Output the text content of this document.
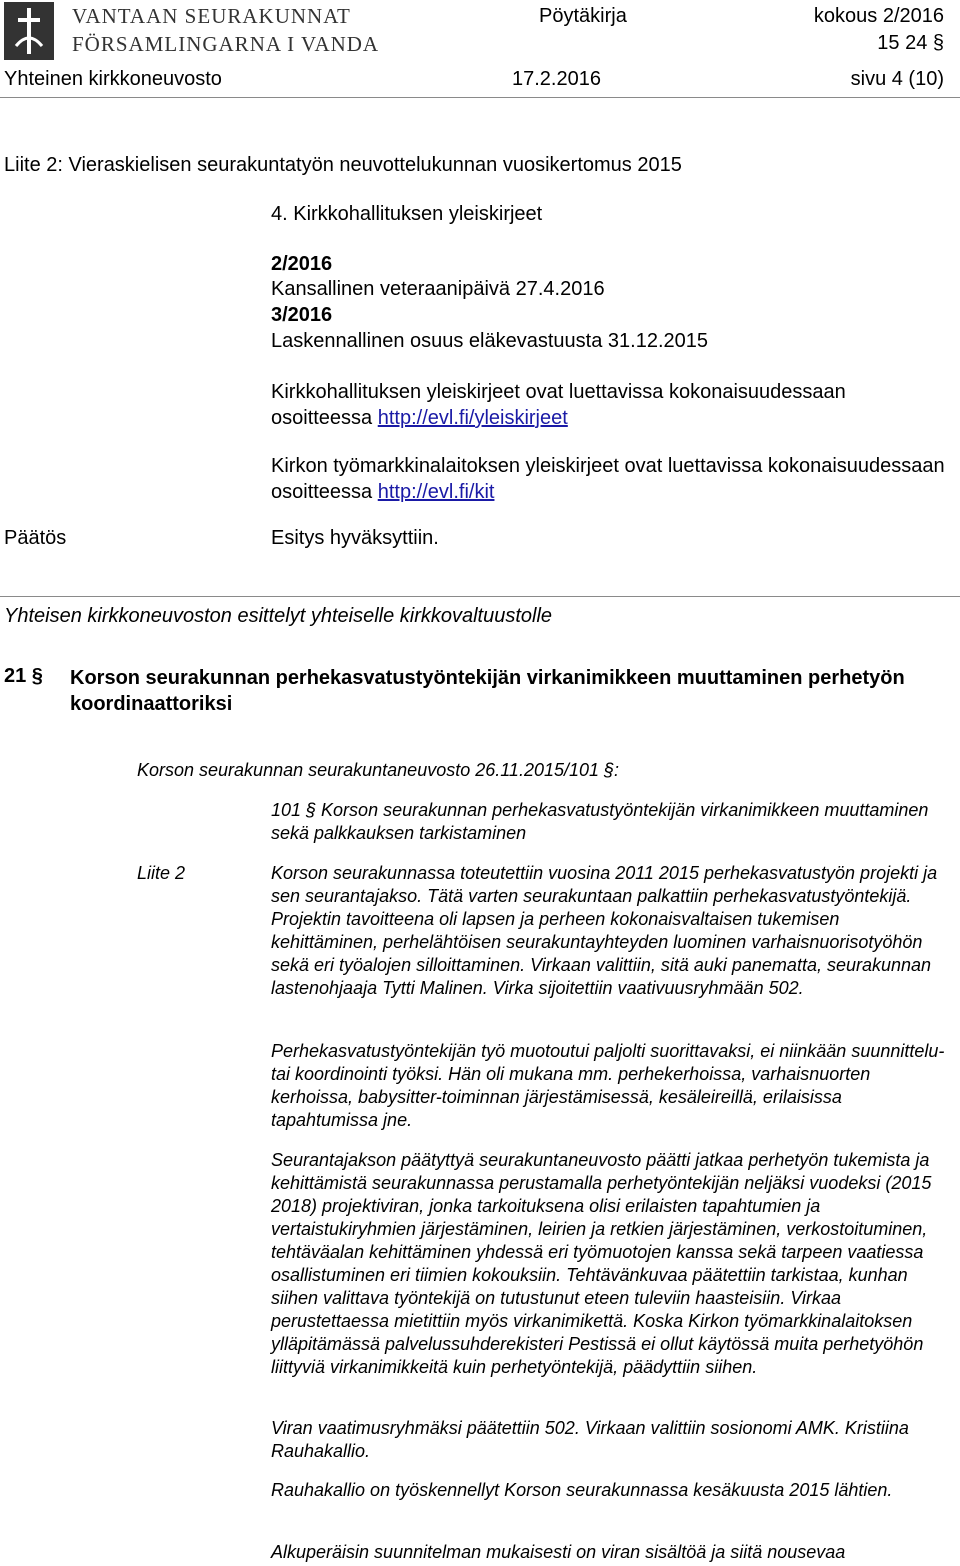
VANTAAN SEURAKUNNAT
FÖRSAMLINGARNA I VANDA
Pöytäkirja	kokous 2/2016
15 24 §
Yhteinen kirkkoneuvosto	17.2.2016	sivu 4 (10)
Liite 2: Vieraskielisen seurakuntatyön neuvottelukunnan vuosikertomus 2015
4. Kirkkohallituksen yleiskirjeet
2/2016
Kansallinen veteraanipäivä 27.4.2016
3/2016
Laskennallinen osuus eläkevastuusta 31.12.2015
Kirkkohallituksen yleiskirjeet ovat luettavissa kokonaisuudessaan osoitteessa http://evl.fi/yleiskirjeet
Kirkon työmarkkinalaitoksen yleiskirjeet ovat luettavissa kokonaisuudessaan osoitteessa http://evl.fi/kit
Päätös	Esitys hyväksyttiin.
Yhteisen kirkkoneuvoston esittelyt yhteiselle kirkkovaltuustolle
21 § Korson seurakunnan perhekasvatustyöntekijän virkanimikkeen muuttaminen perhetyön koordinaattoriksi
Korson seurakunnan seurakuntaneuvosto 26.11.2015/101 §:
101 § Korson seurakunnan perhekasvatustyöntekijän virkanimikkeen muuttaminen sekä palkkauksen tarkistaminen
Liite 2	Korson seurakunnassa toteutettiin vuosina 2011 2015 perhekasvatustyön projekti ja sen seurantajakso. Tätä varten seurakuntaan palkattiin perhekasvatustyöntekijä. Projektin tavoitteena oli lapsen ja perheen kokonaisvaltaisen tukemisen kehittäminen, perhelähtöisen seurakuntayhteyden luominen varhaisnuorisotyöhön sekä eri työalojen silloittaminen. Virkaan valittiin, sitä auki panematta, seurakunnan lastenohjaaja Tytti Malinen. Virka sijoitettiin vaativuusryhmään 502.
Perhekasvatustyöntekijän työ muotoutui paljolti suorittavaksi, ei niinkään suunnittelu-tai koordinointi työksi. Hän oli mukana mm. perhekerhoissa, varhaisnuorten kerhoissa, babysitter-toiminnan järjestämisessä, kesäleireillä, erilaisissa tapahtumissa jne.
Seurantajakson päätyttyä seurakuntaneuvosto päätti jatkaa perhetyön tukemista ja kehittämistä seurakunnassa perustamalla perhetyöntekijän neljäksi vuodeksi (2015 2018) projektiviran, jonka tarkoituksena olisi erilaisten tapahtumien ja vertaistukiryhmien järjestäminen, leirien ja retkien järjestäminen, verkostoituminen, tehtäväalan kehittäminen yhdessä eri työmuotojen kanssa sekä tarpeen vaatiessa osallistuminen eri tiimien kokouksiin. Tehtävänkuvaa päätettiin tarkistaa, kunhan siihen valittava työntekijä on tutustunut eteen tuleviin haasteisiin. Virkaa perustettaessa mietittiin myös virkanimikettä. Koska Kirkon työmarkkinalaitoksen ylläpitämässä palvelussuhderekisteri Pestissä ei ollut käytössä muita perhetyöhön liittyviä virkanimikkeitä kuin perhetyöntekijä, päädyttiin siihen.
Viran vaatimusryhmäksi päätettiin 502. Virkaan valittiin sosionomi AMK. Kristiina Rauhakallio.
Rauhakallio on työskennellyt Korson seurakunnassa kesäkuusta 2015 lähtien.
Alkuperäisin suunnitelman mukaisesti on viran sisältöä ja siitä nousevaa
